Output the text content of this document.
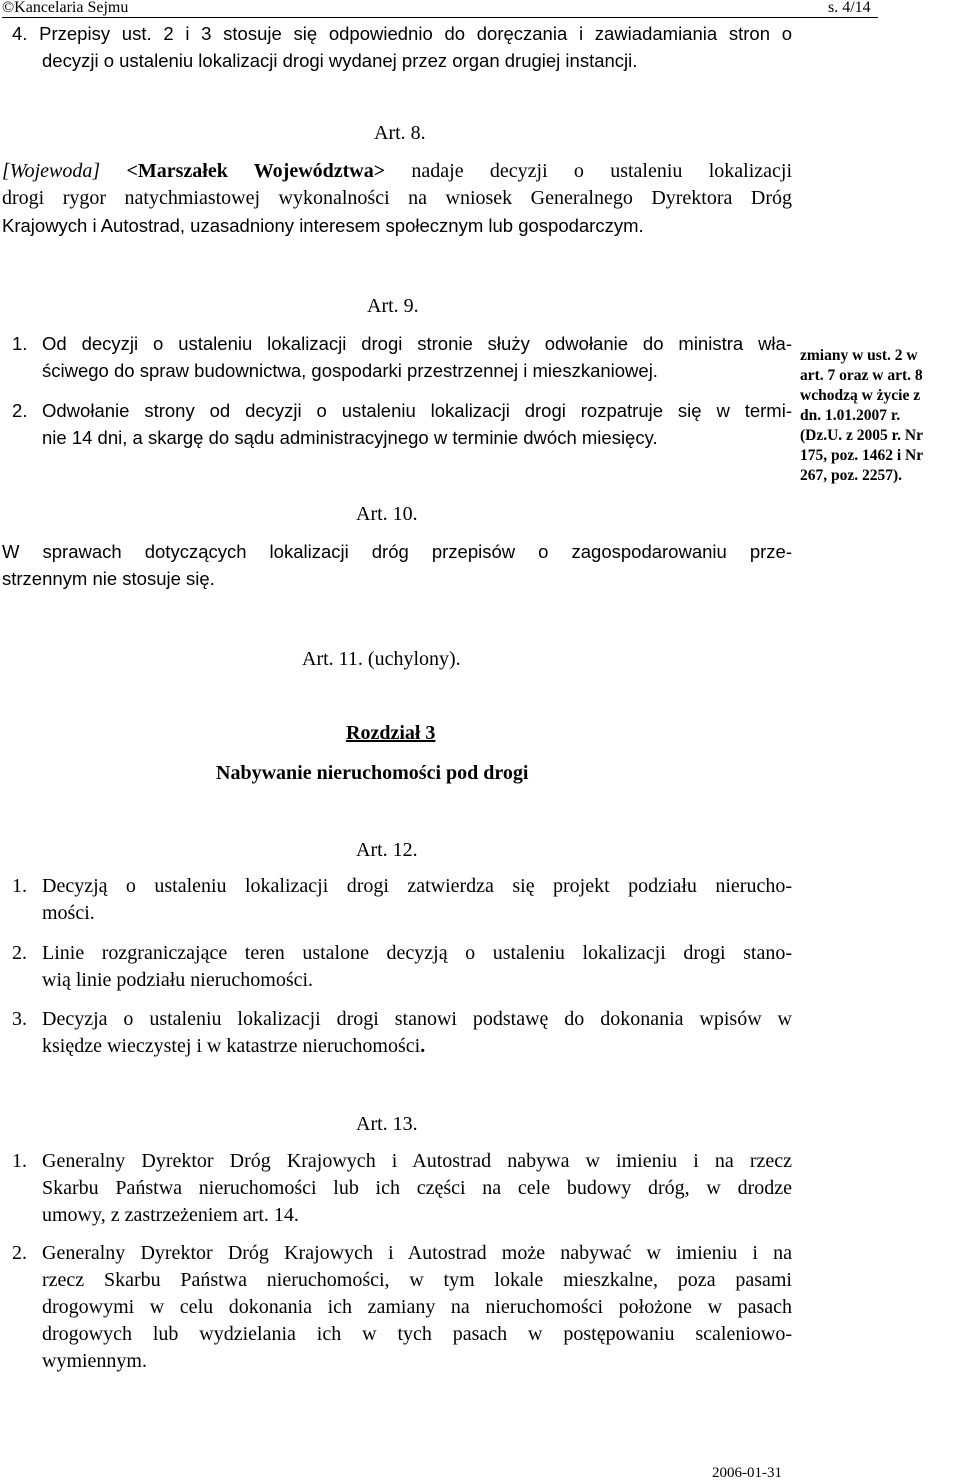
©Kancelaria Sejmu	s. 4/14
4. Przepisy ust. 2 i 3 stosuje się odpowiednio do doręczania i zawiadamiania stron o
decyzji o ustaleniu lokalizacji drogi wydanej przez organ drugiej instancji.
Art. 8.
[Wojewoda] <Marszałek Województwa> nadaje decyzji o ustaleniu lokalizacji
drogi rygor natychmiastowej wykonalności na wniosek Generalnego Dyrektora Dróg
Krajowych i Autostrad, uzasadniony interesem społecznym lub gospodarczym.
Art. 9.
1. Od decyzji o ustaleniu lokalizacji drogi stronie służy odwołanie do ministra wła-
ściwego do spraw budownictwa, gospodarki przestrzennej i mieszkaniowej.
2. Odwołanie strony od decyzji o ustaleniu lokalizacji drogi rozpatruje się w termi-
nie 14 dni, a skargę do sądu administracyjnego w terminie dwóch miesięcy.
zmiany w ust. 2 w
art. 7 oraz w art. 8
wchodzą w życie z
dn. 1.01.2007 r.
(Dz.U. z 2005 r. Nr
175, poz. 1462 i Nr
267, poz. 2257).
Art. 10.
W sprawach dotyczących lokalizacji dróg przepisów o zagospodarowaniu prze-
strzennym nie stosuje się.
Art. 11. (uchylony).
Rozdział 3
Nabywanie nieruchomości pod drogi
Art. 12.
1. Decyzją o ustaleniu lokalizacji drogi zatwierdza się projekt podziału nierucho-
mości.
2. Linie rozgraniczające teren ustalone decyzją o ustaleniu lokalizacji drogi stano-
wią linie podziału nieruchomości.
3. Decyzja o ustaleniu lokalizacji drogi stanowi podstawę do dokonania wpisów w
księdze wieczystej i w katastrze nieruchomości.
Art. 13.
1. Generalny Dyrektor Dróg Krajowych i Autostrad nabywa w imieniu i na rzecz
Skarbu Państwa nieruchomości lub ich części na cele budowy dróg, w drodze
umowy, z zastrzeżeniem art. 14.
2. Generalny Dyrektor Dróg Krajowych i Autostrad może nabywać w imieniu i na
rzecz Skarbu Państwa nieruchomości, w tym lokale mieszkalne, poza pasami
drogowymi w celu dokonania ich zamiany na nieruchomości położone w pasach
drogowych lub wydzielania ich w tych pasach w postępowaniu scaleniowo-
wymiennym.
2006-01-31
